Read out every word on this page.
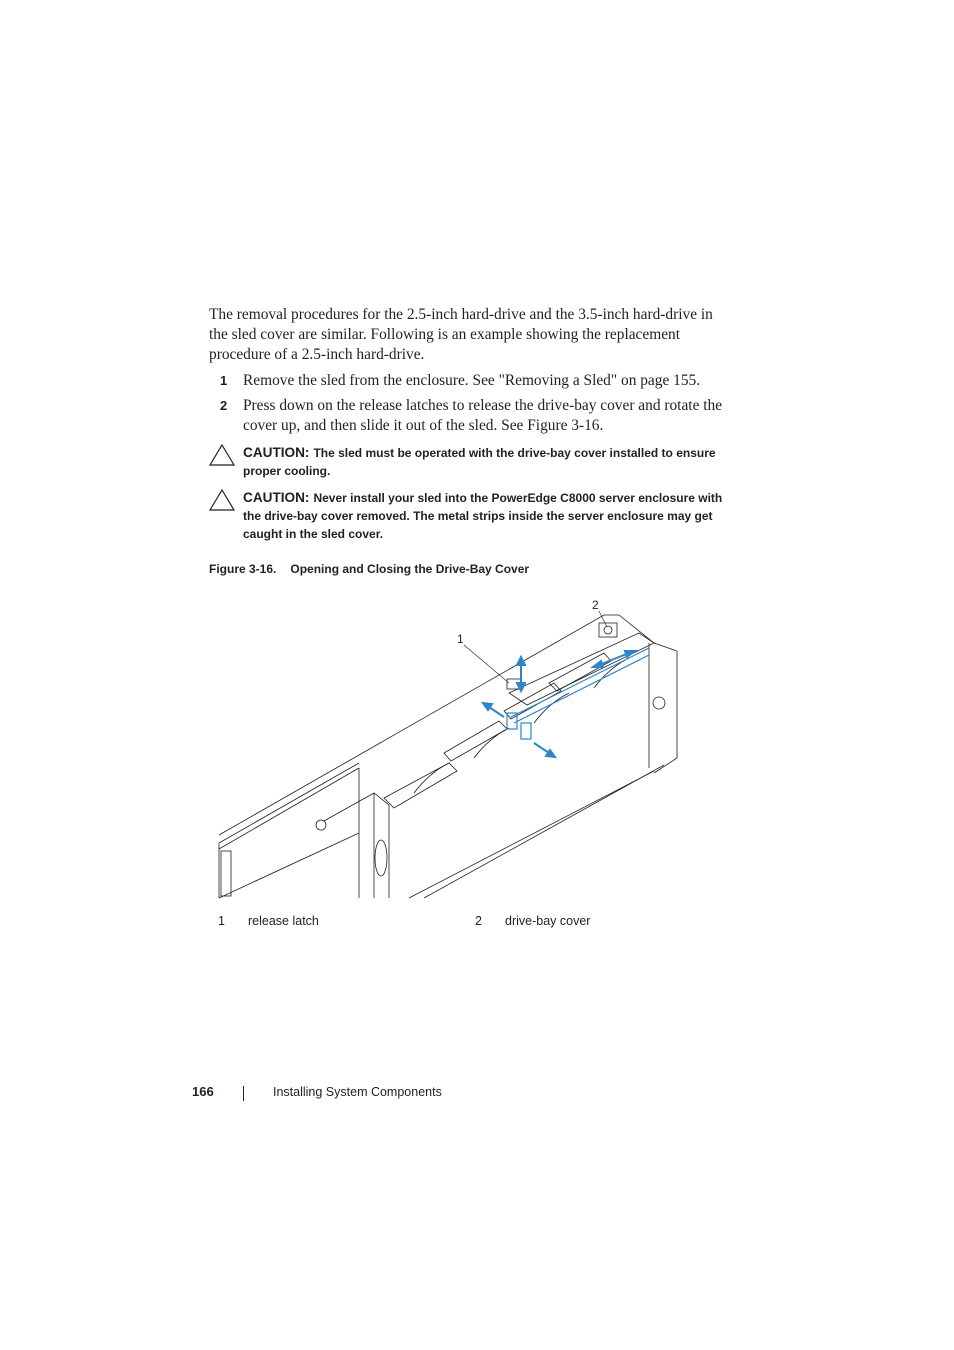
The removal procedures for the 2.5-inch hard-drive and the 3.5-inch hard-drive in the sled cover are similar. Following is an example showing the replacement procedure of a 2.5-inch hard-drive.

1 Remove the sled from the enclosure. See "Removing a Sled" on page 155.
2 Press down on the release latches to release the drive-bay cover and rotate the cover up, and then slide it out of the sled. See Figure 3-16.
CAUTION: The sled must be operated with the drive-bay cover installed to ensure proper cooling.
CAUTION: Never install your sled into the PowerEdge C8000 server enclosure with the drive-bay cover removed. The metal strips inside the server enclosure may get caught in the sled cover.
Figure 3-16. Opening and Closing the Drive-Bay Cover
1
2
1 release latch	2 drive-bay cover
166	Installing System Components
